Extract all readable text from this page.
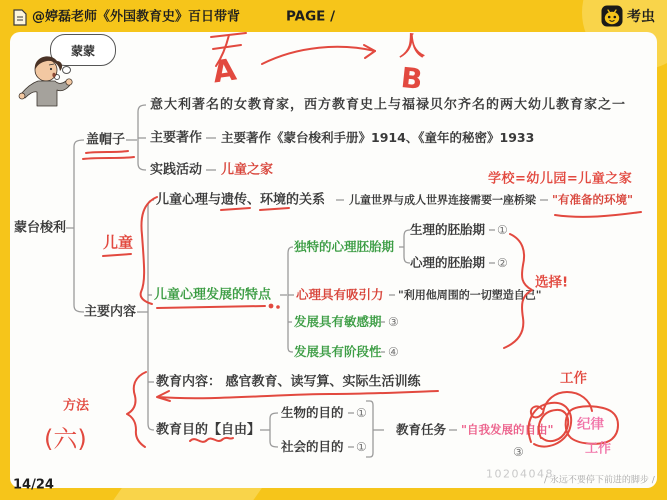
@婷磊老师《外国教育史》百日带背	PAGE /	考虫
蒙蒙
蒙台梭利
盖帽子
意大利著名的女教育家，西方教育史上与福禄贝尔齐名的两大幼儿教育家之一
主要著作 主要著作《蒙台梭利手册》1914、《童年的秘密》1933
实践活动 儿童之家
主要内容
儿童心理与遗传、环境的关系 儿童世界与成人世界连接需要一座桥梁 "有准备的环境"
儿童心理发展的特点
独特的心理胚胎期
生理的胚胎期
心理的胚胎期
心理具有吸引力 "利用他周围的一切塑造自己"
发展具有敏感期
发展具有阶段性
教育内容： 感官教育、读写算、实际生活训练
教育目的【自由】
生物的目的
社会的目的
教育任务 "自我发展的自由"
①
②
③
④
①
①	③
A
人
B
学校=幼儿园=儿童之家
儿童
选择!
方法
(六)
工作
纪律
工作
14/24
10204048
/ 永远不要停下前进的脚步 /
